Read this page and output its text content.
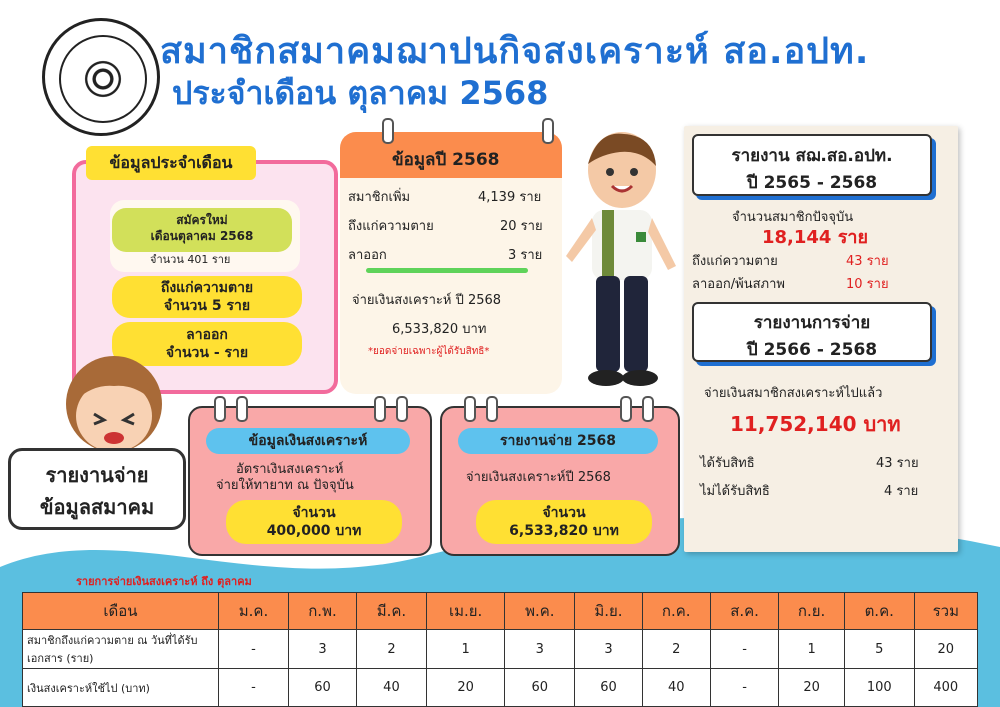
สมาชิกสมาคมฌาปนกิจสงเคราะห์ สอ.อปท.
ประจำเดือน ตุลาคม 2568
ข้อมูลประจำเดือน
สมัครใหม่
เดือนตุลาคม 2568
จำนวน 401 ราย
ถึงแก่ความตาย
จำนวน 5 ราย
ลาออก
จำนวน - ราย
ข้อมูลปี 2568
สมาชิกเพิ่ม	4,139 ราย
ถึงแก่ความตาย	20 ราย
ลาออก	3 ราย
จ่ายเงินสงเคราะห์ ปี 2568
6,533,820 บาท
*ยอดจ่ายเฉพาะผู้ได้รับสิทธิ*
รายงานจ่าย
ข้อมูลสมาคม
ข้อมูลเงินสงเคราะห์
อัตราเงินสงเคราะห์
จ่ายให้ทายาท ณ ปัจจุบัน
จำนวน
400,000 บาท
รายงานจ่าย 2568
จ่ายเงินสงเคราะห์ปี 2568
จำนวน
6,533,820 บาท
รายงาน สฌ.สอ.อปท.
ปี 2565 - 2568
จำนวนสมาชิกปัจจุบัน
18,144 ราย
ถึงแก่ความตาย	43 ราย
ลาออก/พ้นสภาพ	10 ราย
รายงานการจ่าย
ปี 2566 - 2568
จ่ายเงินสมาชิกสงเคราะห์ไปแล้ว
11,752,140 บาท
ได้รับสิทธิ	43 ราย
ไม่ได้รับสิทธิ	4 ราย
รายการจ่ายเงินสงเคราะห์ ถึง ตุลาคม
เดือน	ม.ค.	ก.พ.	มี.ค.	เม.ย.	พ.ค.	มิ.ย.	ก.ค.	ส.ค.	ก.ย.	ต.ค.	รวม
สมาชิกถึงแก่ความตาย ณ วันที่ได้รับเอกสาร (ราย)	-	3	2	1	3	3	2	-	1	5	20
เงินสงเคราะห์ใช้ไป (บาท)	-	60	40	20	60	60	40	-	20	100	400
